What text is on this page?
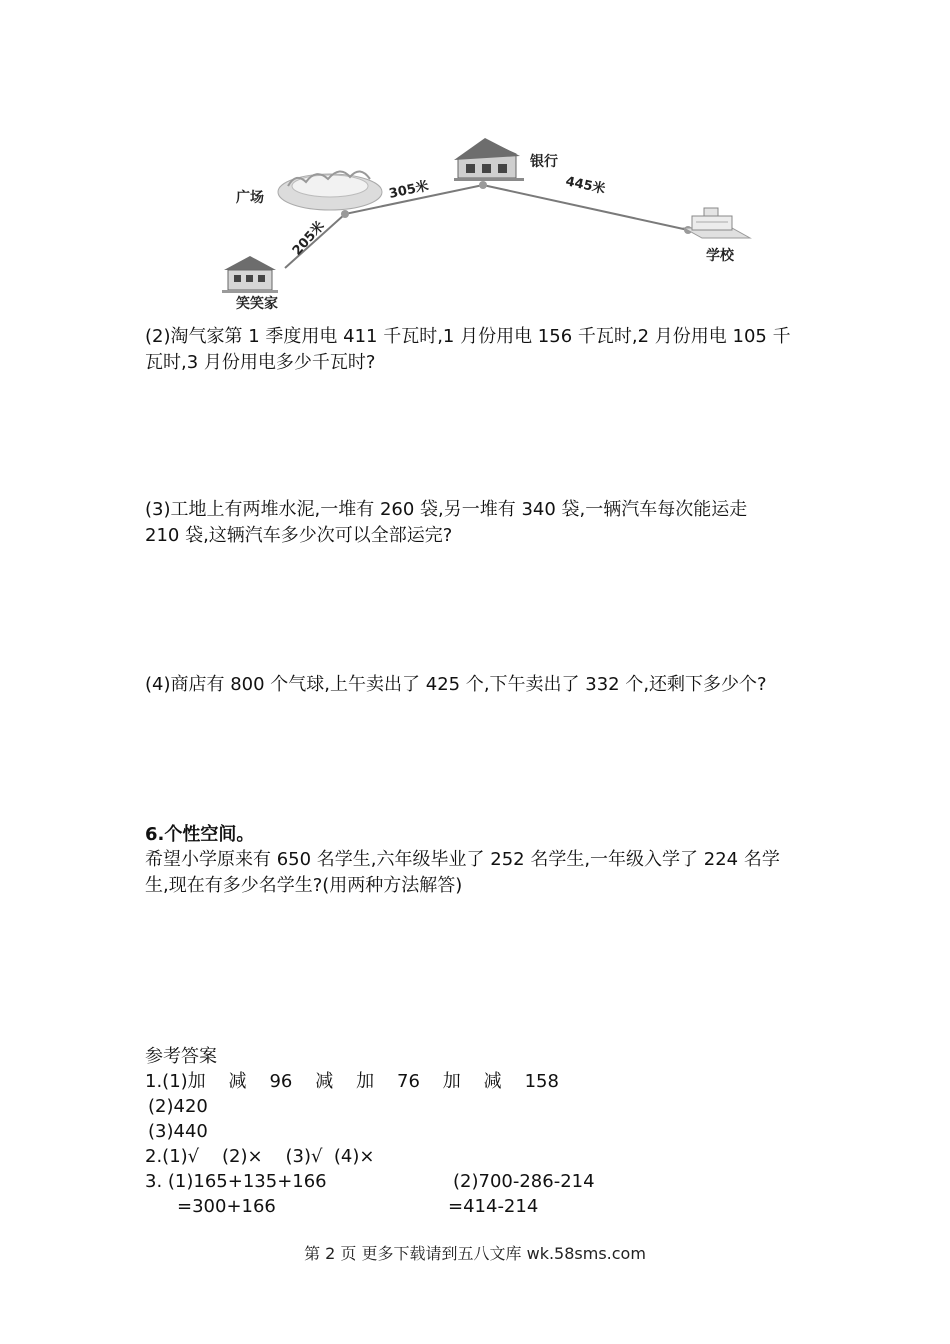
广场
银行
学校
笑笑家
205米
305米	445米
(2)淘气家第 1 季度用电 411 千瓦时,1 月份用电 156 千瓦时,2 月份用电 105 千
瓦时,3 月份用电多少千瓦时?
(3)工地上有两堆水泥,一堆有 260 袋,另一堆有 340 袋,一辆汽车每次能运走
210 袋,这辆汽车多少次可以全部运完?
(4)商店有 800 个气球,上午卖出了 425 个,下午卖出了 332 个,还剩下多少个?
6.个性空间。
希望小学原来有 650 名学生,六年级毕业了 252 名学生,一年级入学了 224 名学
生,现在有多少名学生?(用两种方法解答)
参考答案
1.(1)加    减    96    减    加    76    加    减    158
(2)420
(3)440
2.(1)√    (2)×    (3)√  (4)×
3. (1)165+135+166	(2)700-286-214
=300+166	=414-214
第 2 页 更多下载请到五八文库 wk.58sms.com
